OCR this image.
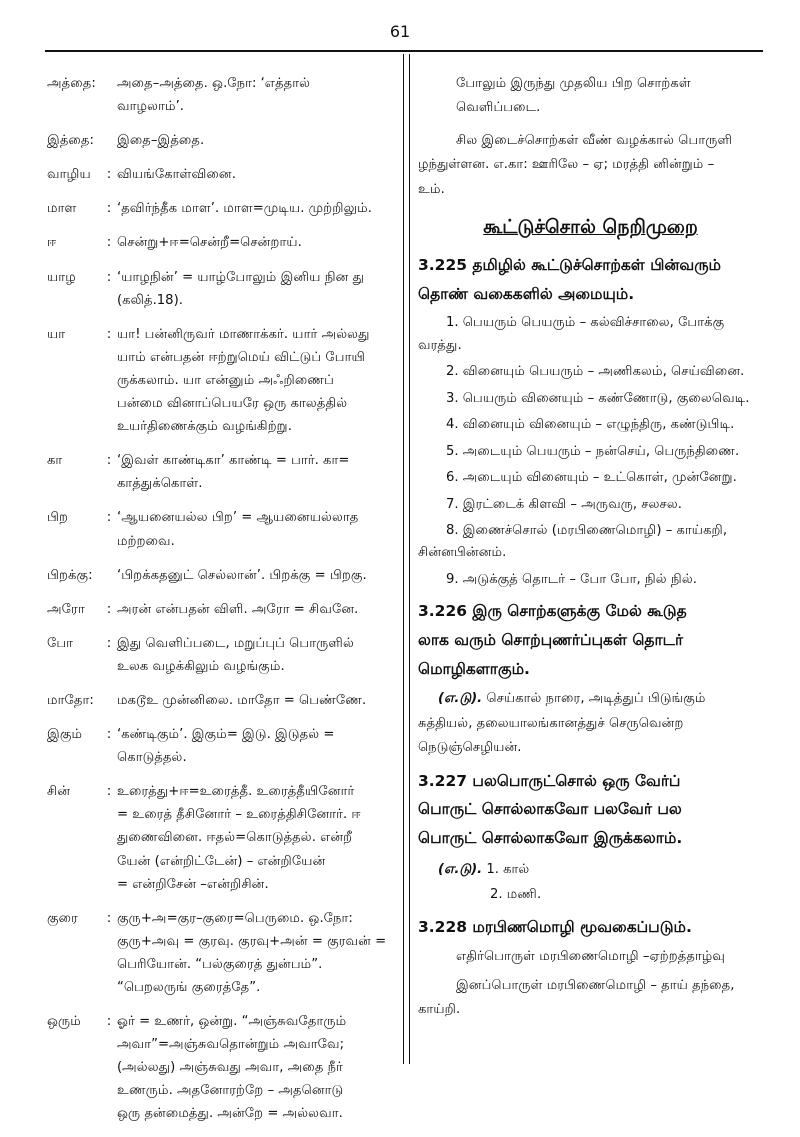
61
அத்தை:	அதை–அத்தை. ஒ.நோ: ‘எத்தால்
வாழலாம்’.
இத்தை:	இதை–இத்தை.
வாழிய	: வியங்கோள்வினை.
மாள	: ‘தவிர்ந்தீக மாள’. மாள=முடிய. முற்றிலும்.
ஈ	: சென்று+ஈ=சென்றீ=சென்றாய்.
யாழ	: ‘யாழநின்’ = யாழ்போலும் இனிய நின து
(கலித்.18).
யா	: யா! பன்னிருவர் மாணாக்கர். யார் அல்லது
யாம் என்பதன் ஈற்றுமெய் விட்டுப் போயி
ருக்கலாம். யா என்னும் அஃறிணைப்
பன்மை வினாப்பெயரே ஒரு காலத்தில்
உயர்திணைக்கும் வழங்கிற்று.
கா	: ‘இவள் காண்டிகா’ காண்டி = பார். கா=
காத்துக்கொள்.
பிற	: ‘ஆயனையல்ல பிற’ = ஆயனையல்லாத
மற்றவை.
பிறக்கு:	‘பிறக்கதனுட் செல்லான்’. பிறக்கு = பிறகு.
அரோ	: அரன் என்பதன் விளி. அரோ = சிவனே.
போ	: இது வெளிப்படை, மறுப்புப் பொருளில்
உலக வழக்கிலும் வழங்கும்.
மாதோ:	மகடூஉ முன்னிலை. மாதோ = பெண்ணே.
இகும்	: ‘கண்டிகும்’. இகும்= இடு. இடுதல் =
கொடுத்தல்.
சின்	: உரைத்து+ஈ=உரைத்தீ. உரைத்தீயினோர்
= உரைத் தீசினோர் – உரைத்திசினோர். ஈ
துணைவினை. ஈதல்=கொடுத்தல். என்றீ
யேன் (என்றிட்டேன்) – என்றியேன்
= என்றிசேன் –என்றிசின்.
குரை	: குரு+அ=குர–குரை=பெருமை. ஒ.நோ:
குரு+அவு = குரவு. குரவு+அன் = குரவன் =
பெரியோன். “பல்குரைத் துன்பம்”.
“பெறலருங் குரைத்தே”.
ஒரும்	: ஓர் = உணர், ஒன்று. “அஞ்சுவதோரும்
அவா”=அஞ்சுவதொன்றும் அவாவே;
(அல்லது) அஞ்சுவது அவா, அதை நீர்
உணரும். அதனோரற்றே – அதனொடு
ஒரு தன்மைத்து. அன்றே = அல்லவா.
போலும் இருந்து முதலிய பிற சொற்கள்
வெளிப்படை.
சில இடைச்சொற்கள் வீண் வழக்கால் பொருளி
ழந்துள்ளன. எ.கா: ஊரிலே – ஏ; மரத்தி னின்றும் –
உம்.
கூட்டுச்சொல் நெறிமுறை
3.225 தமிழில் கூட்டுச்சொற்கள் பின்வரும்
தொண் வகைகளில் அமையும்.
1. பெயரும் பெயரும் – கல்விச்சாலை, போக்கு
வரத்து.
2. வினையும் பெயரும் – அணிகலம், செய்வினை.
3. பெயரும் வினையும் – கண்ணோடு, குலைவெடி.
4. வினையும் வினையும் – எழுந்திரு, கண்டுபிடி.
5. அடையும் பெயரும் – நன்செய், பெருந்திணை.
6. அடையும் வினையும் – உட்கொள், முன்னேறு.
7. இரட்டைக் கிளவி – அருவரு, சலசல.
8. இணைச்சொல் (மரபிணைமொழி) – காய்கறி,
சின்னபின்னம்.
9. அடுக்குத் தொடர் – போ போ, நில் நில்.
3.226 இரு சொற்களுக்கு மேல் கூடுத
லாக வரும் சொற்புணர்ப்புகள் தொடர்
மொழிகளாகும்.
(எ.டு). செய்கால் நாரை, அடித்துப் பிடுங்கும்
சுத்தியல், தலையாலங்கானத்துச் செருவென்ற
நெடுஞ்செழியன்.
3.227 பலபொருட்சொல் ஒரு வேர்ப்
பொருட் சொல்லாகவோ பலவேர் பல
பொருட் சொல்லாகவோ இருக்கலாம்.
(எ.டு). 1. கால்
2. மணி.
3.228 மரபிணமொழி மூவகைப்படும்.
எதிர்பொருள் மரபிணைமொழி –ஏற்றத்தாழ்வு
இனப்பொருள் மரபிணைமொழி – தாய் தந்தை,
காய்றி.
